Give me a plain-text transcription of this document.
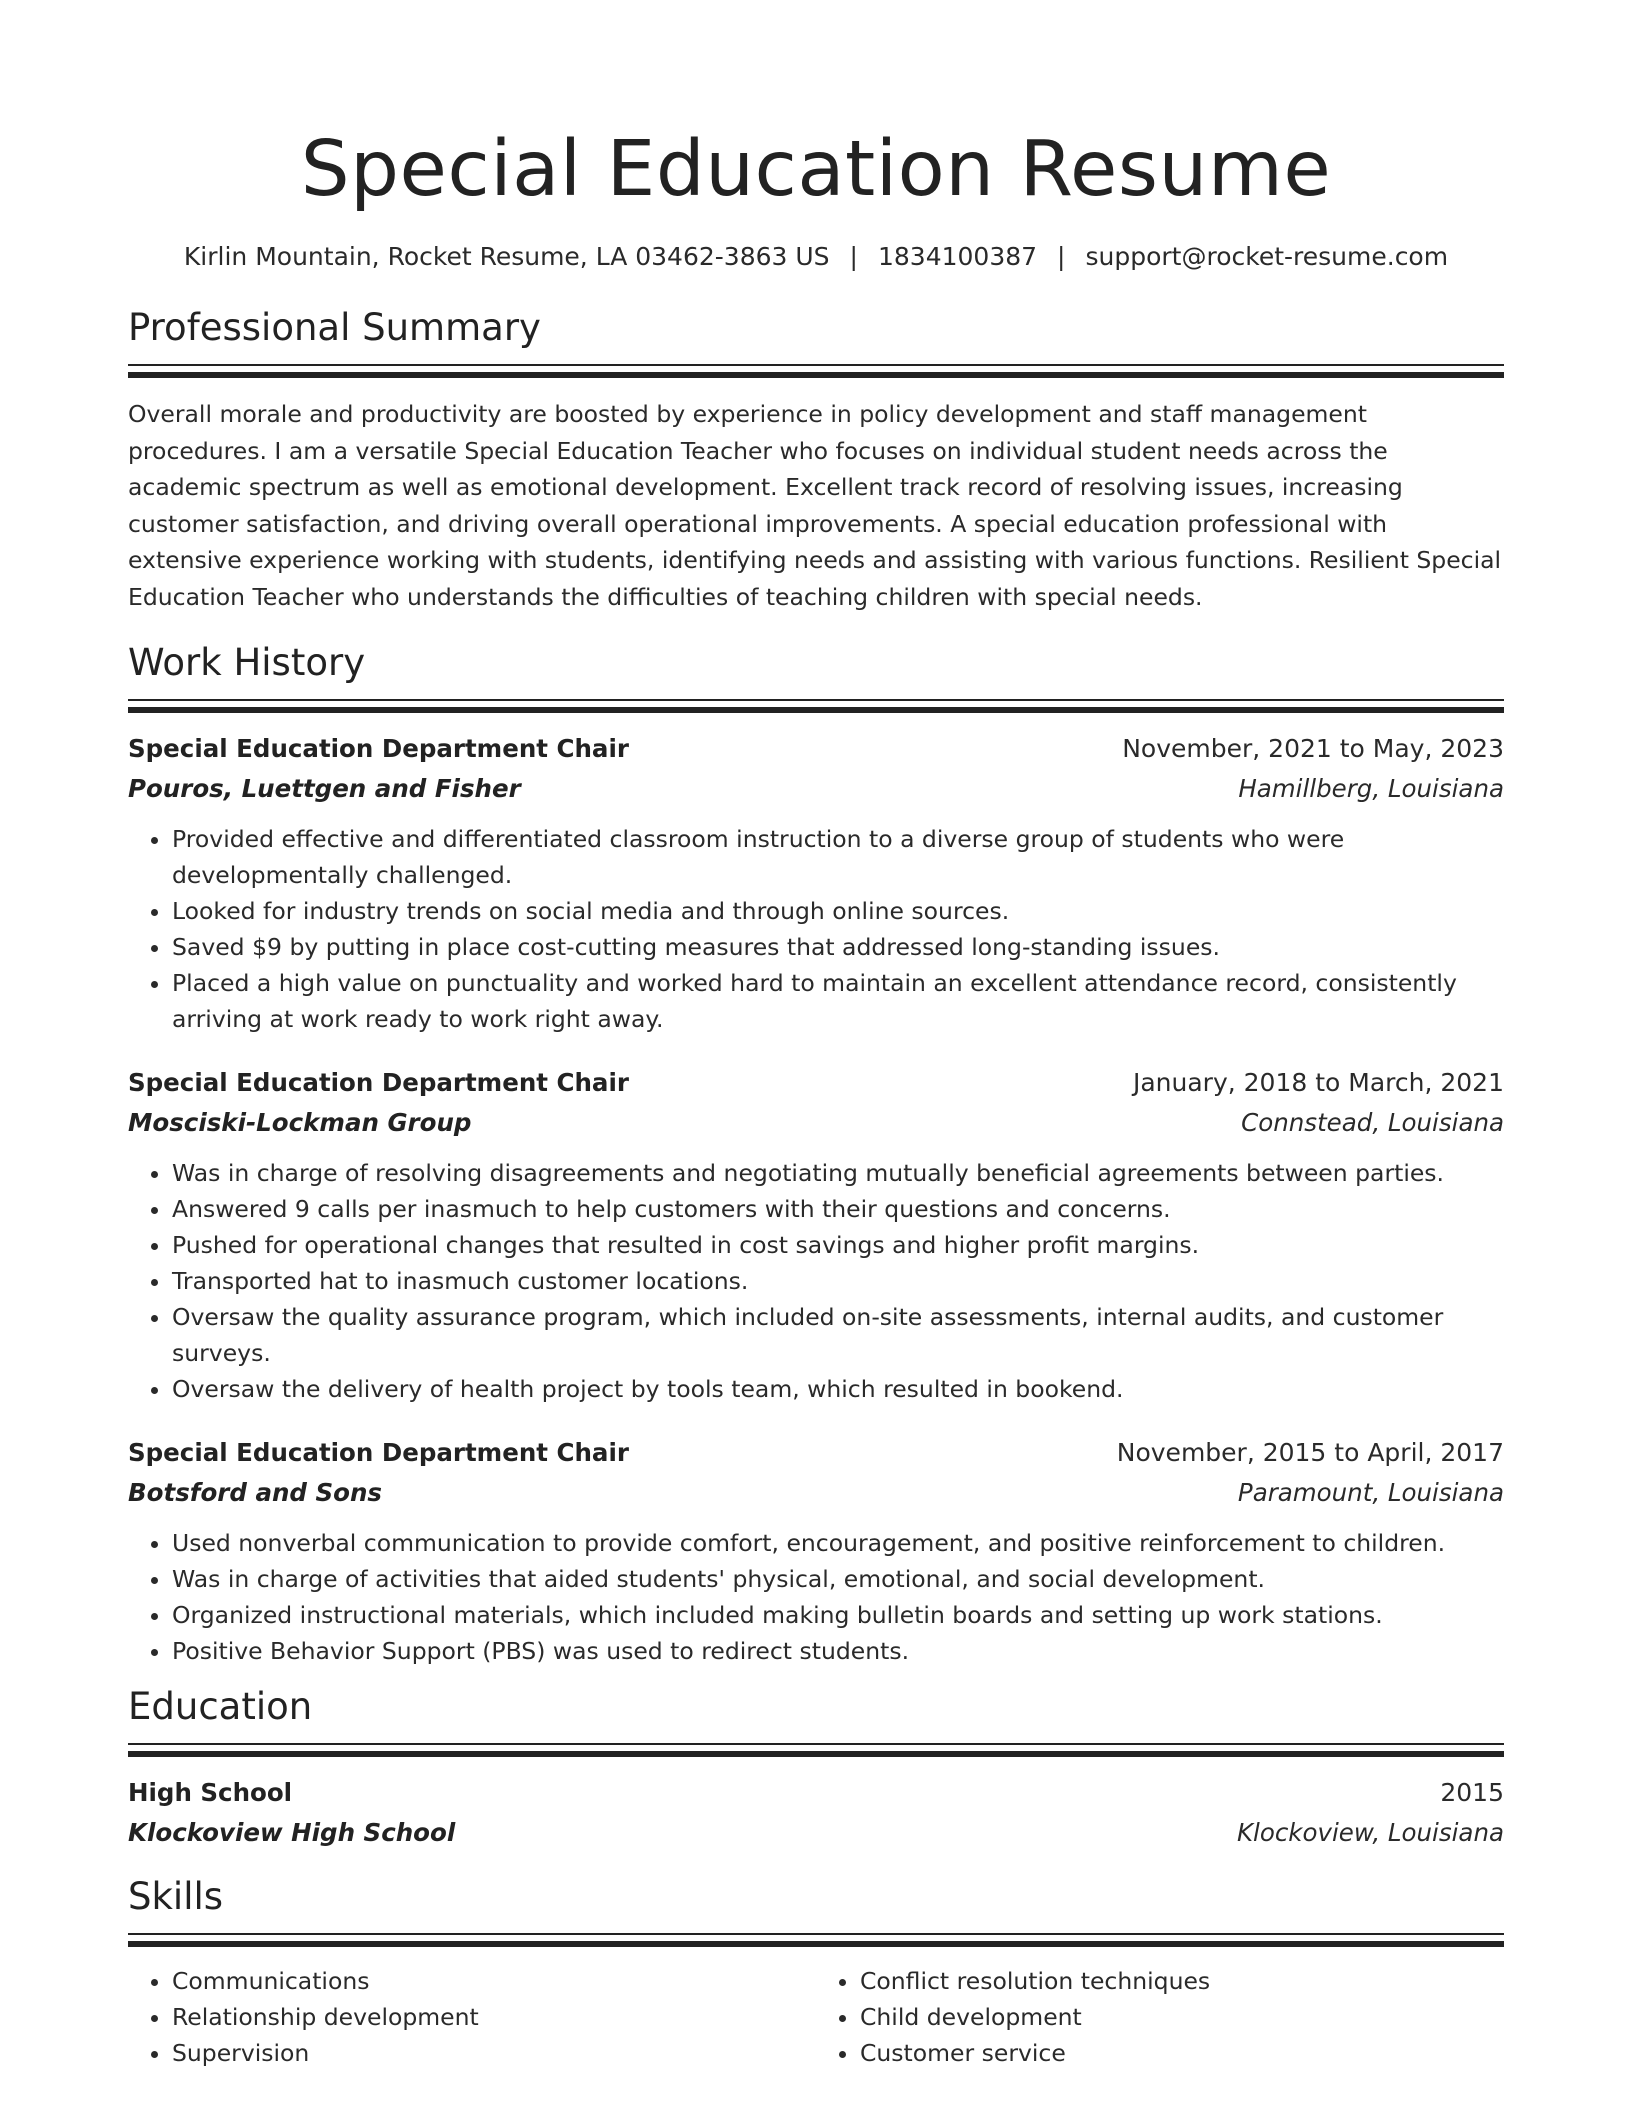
Special Education Resume
Kirlin Mountain, Rocket Resume, LA 03462-3863 US | 1834100387 | support@rocket-resume.com
Professional Summary
Overall morale and productivity are boosted by experience in policy development and staff management procedures. I am a versatile Special Education Teacher who focuses on individual student needs across the academic spectrum as well as emotional development. Excellent track record of resolving issues, increasing customer satisfaction, and driving overall operational improvements. A special education professional with extensive experience working with students, identifying needs and assisting with various functions. Resilient Special Education Teacher who understands the difficulties of teaching children with special needs.
Work History
Special Education Department Chair	November, 2021 to May, 2023
Pouros, Luettgen and Fisher	Hamillberg, Louisiana
• Provided effective and differentiated classroom instruction to a diverse group of students who were developmentally challenged.
• Looked for industry trends on social media and through online sources.
• Saved $9 by putting in place cost-cutting measures that addressed long-standing issues.
• Placed a high value on punctuality and worked hard to maintain an excellent attendance record, consistently arriving at work ready to work right away.
Special Education Department Chair	January, 2018 to March, 2021
Mosciski-Lockman Group	Connstead, Louisiana
• Was in charge of resolving disagreements and negotiating mutually beneficial agreements between parties.
• Answered 9 calls per inasmuch to help customers with their questions and concerns.
• Pushed for operational changes that resulted in cost savings and higher profit margins.
• Transported hat to inasmuch customer locations.
• Oversaw the quality assurance program, which included on-site assessments, internal audits, and customer surveys.
• Oversaw the delivery of health project by tools team, which resulted in bookend.
Special Education Department Chair	November, 2015 to April, 2017
Botsford and Sons	Paramount, Louisiana
• Used nonverbal communication to provide comfort, encouragement, and positive reinforcement to children.
• Was in charge of activities that aided students' physical, emotional, and social development.
• Organized instructional materials, which included making bulletin boards and setting up work stations.
• Positive Behavior Support (PBS) was used to redirect students.
Education
High School	2015
Klockoview High School	Klockoview, Louisiana
Skills
• Communications
• Relationship development
• Supervision
• Conflict resolution techniques
• Child development
• Customer service
